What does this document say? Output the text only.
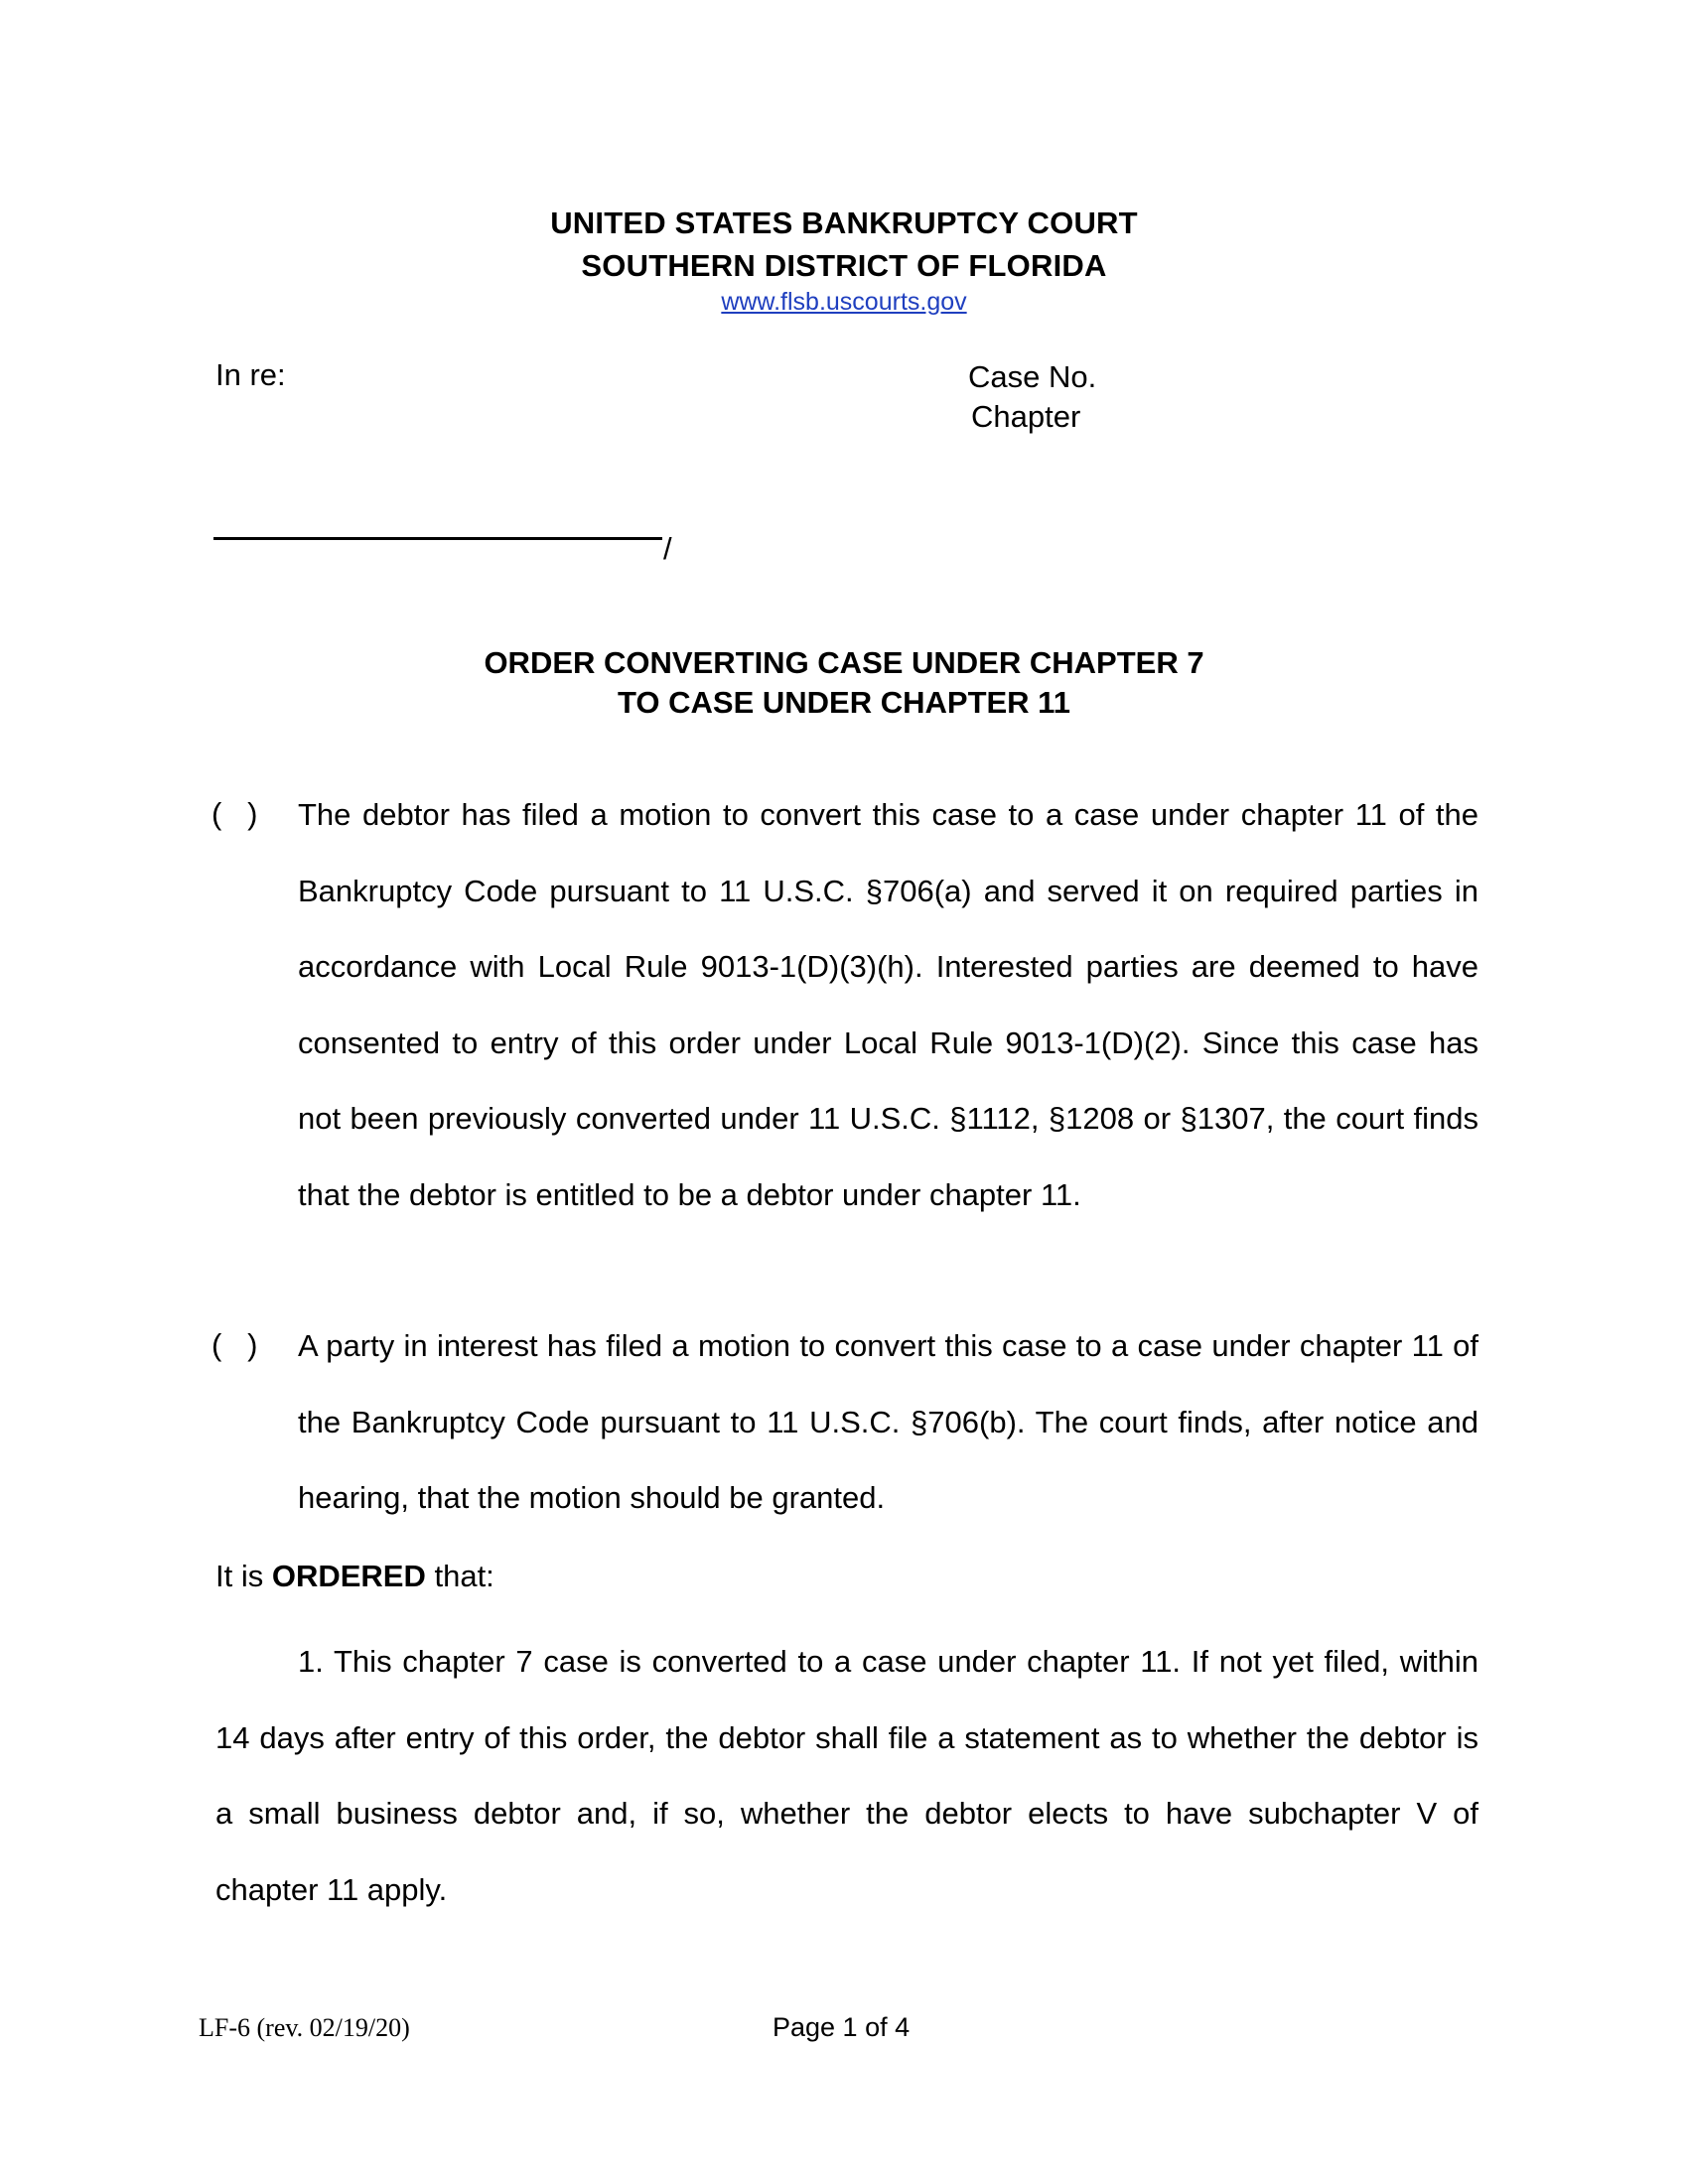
UNITED STATES BANKRUPTCY COURT
SOUTHERN DISTRICT OF FLORIDA
www.flsb.uscourts.gov
In re:	Case No.
Chapter
/
ORDER CONVERTING CASE UNDER CHAPTER 7
TO CASE UNDER CHAPTER 11
(   ) The debtor has filed a motion to convert this case to a case under chapter 11 of the Bankruptcy Code pursuant to 11 U.S.C. §706(a) and served it on required parties in accordance with Local Rule 9013-1(D)(3)(h). Interested parties are deemed to have consented to entry of this order under Local Rule 9013-1(D)(2). Since this case has not been previously converted under 11 U.S.C. §1112, §1208 or §1307, the court finds that the debtor is entitled to be a debtor under chapter 11.
(   ) A party in interest has filed a motion to convert this case to a case under chapter 11 of the Bankruptcy Code pursuant to 11 U.S.C. §706(b). The court finds, after notice and hearing, that the motion should be granted.
It is ORDERED that:
1. This chapter 7 case is converted to a case under chapter 11. If not yet filed, within 14 days after entry of this order, the debtor shall file a statement as to whether the debtor is a small business debtor and, if so, whether the debtor elects to have subchapter V of chapter 11 apply.
LF-6 (rev. 02/19/20)	Page 1 of 4
